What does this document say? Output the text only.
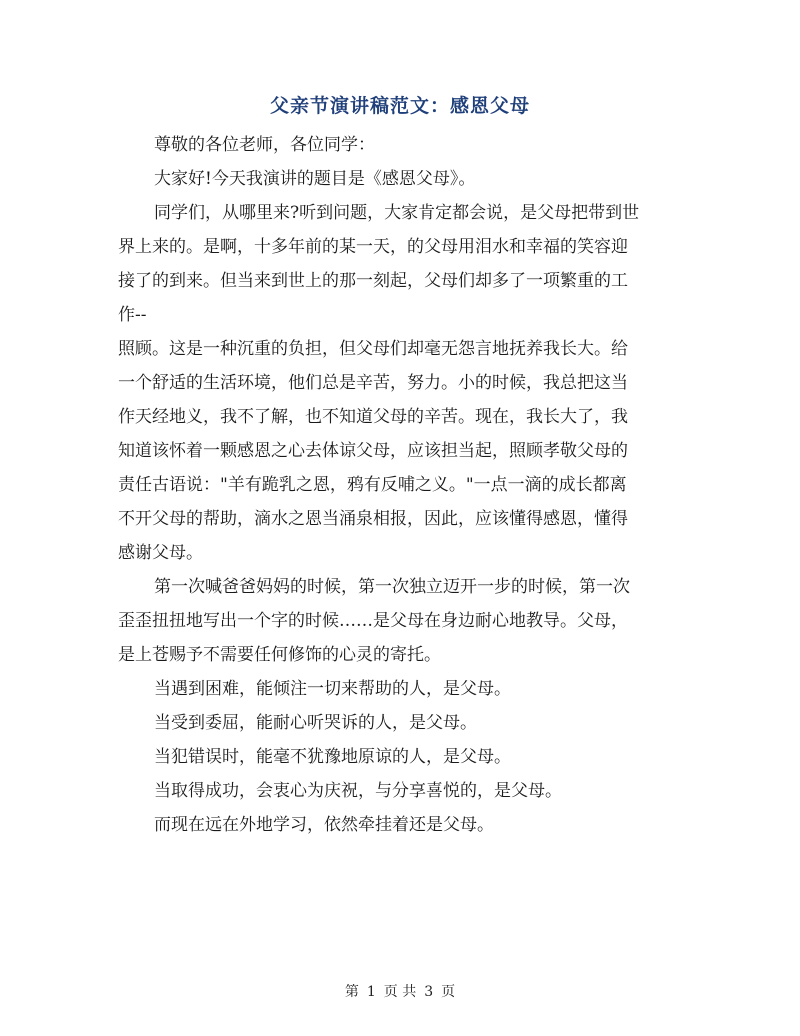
父亲节演讲稿范文：感恩父母

尊敬的各位老师，各位同学：

大家好!今天我演讲的题目是《感恩父母》。

同学们，从哪里来?听到问题，大家肯定都会说，是父母把带到世

界上来的。是啊，十多年前的某一天，的父母用泪水和幸福的笑容迎

接了的到来。但当来到世上的那一刻起，父母们却多了一项繁重的工

作--

照顾。这是一种沉重的负担，但父母们却毫无怨言地抚养我长大。给

一个舒适的生活环境，他们总是辛苦，努力。小的时候，我总把这当

作天经地义，我不了解，也不知道父母的辛苦。现在，我长大了，我

知道该怀着一颗感恩之心去体谅父母，应该担当起，照顾孝敬父母的

责任古语说："羊有跪乳之恩，鸦有反哺之义。"一点一滴的成长都离

不开父母的帮助，滴水之恩当涌泉相报，因此，应该懂得感恩，懂得

感谢父母。

第一次喊爸爸妈妈的时候，第一次独立迈开一步的时候，第一次

歪歪扭扭地写出一个字的时候……是父母在身边耐心地教导。父母，

是上苍赐予不需要任何修饰的心灵的寄托。

当遇到困难，能倾注一切来帮助的人，是父母。

当受到委屈，能耐心听哭诉的人，是父母。

当犯错误时，能毫不犹豫地原谅的人，是父母。

当取得成功，会衷心为庆祝，与分享喜悦的，是父母。

而现在远在外地学习，依然牵挂着还是父母。

第 1 页 共 3 页
